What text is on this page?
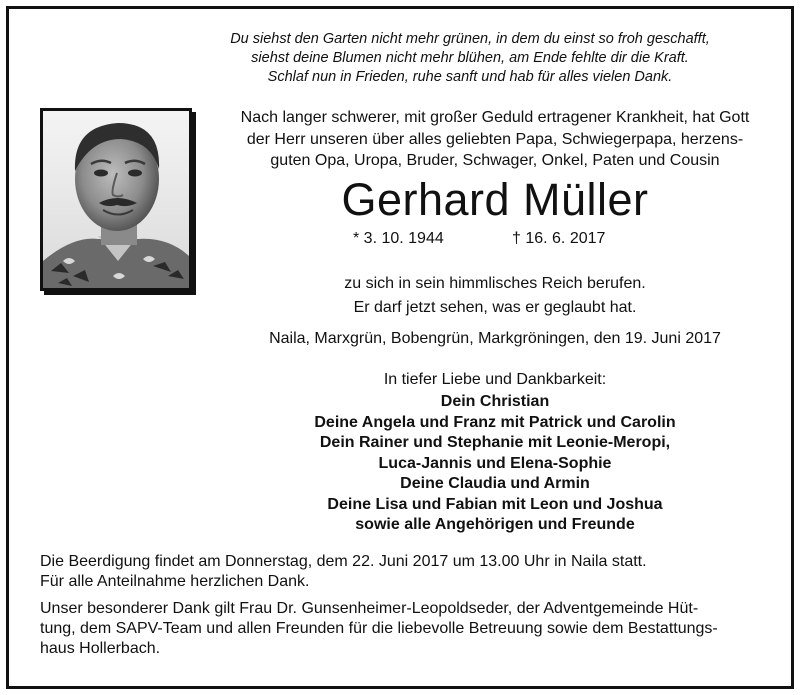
Du siehst den Garten nicht mehr grünen, in dem du einst so froh geschafft,
siehst deine Blumen nicht mehr blühen, am Ende fehlte dir die Kraft.
Schlaf nun in Frieden, ruhe sanft und hab für alles vielen Dank.
Nach langer schwerer, mit großer Geduld ertragener Krankheit, hat Gott
der Herr unseren über alles geliebten Papa, Schwiegerpapa, herzens-
guten Opa, Uropa, Bruder, Schwager, Onkel, Paten und Cousin
Gerhard Müller
* 3. 10. 1944	† 16. 6. 2017
zu sich in sein himmlisches Reich berufen.
Er darf jetzt sehen, was er geglaubt hat.
Naila, Marxgrün, Bobengrün, Markgröningen, den 19. Juni 2017
In tiefer Liebe und Dankbarkeit:
Dein Christian
Deine Angela und Franz mit Patrick und Carolin
Dein Rainer und Stephanie mit Leonie-Meropi,
Luca-Jannis und Elena-Sophie
Deine Claudia und Armin
Deine Lisa und Fabian mit Leon und Joshua
sowie alle Angehörigen und Freunde
Die Beerdigung findet am Donnerstag, dem 22. Juni 2017 um 13.00 Uhr in Naila statt.
Für alle Anteilnahme herzlichen Dank.
Unser besonderer Dank gilt Frau Dr. Gunsenheimer-Leopoldseder, der Adventgemeinde Hüt-
tung, dem SAPV-Team und allen Freunden für die liebevolle Betreuung sowie dem Bestattungs-
haus Hollerbach.
